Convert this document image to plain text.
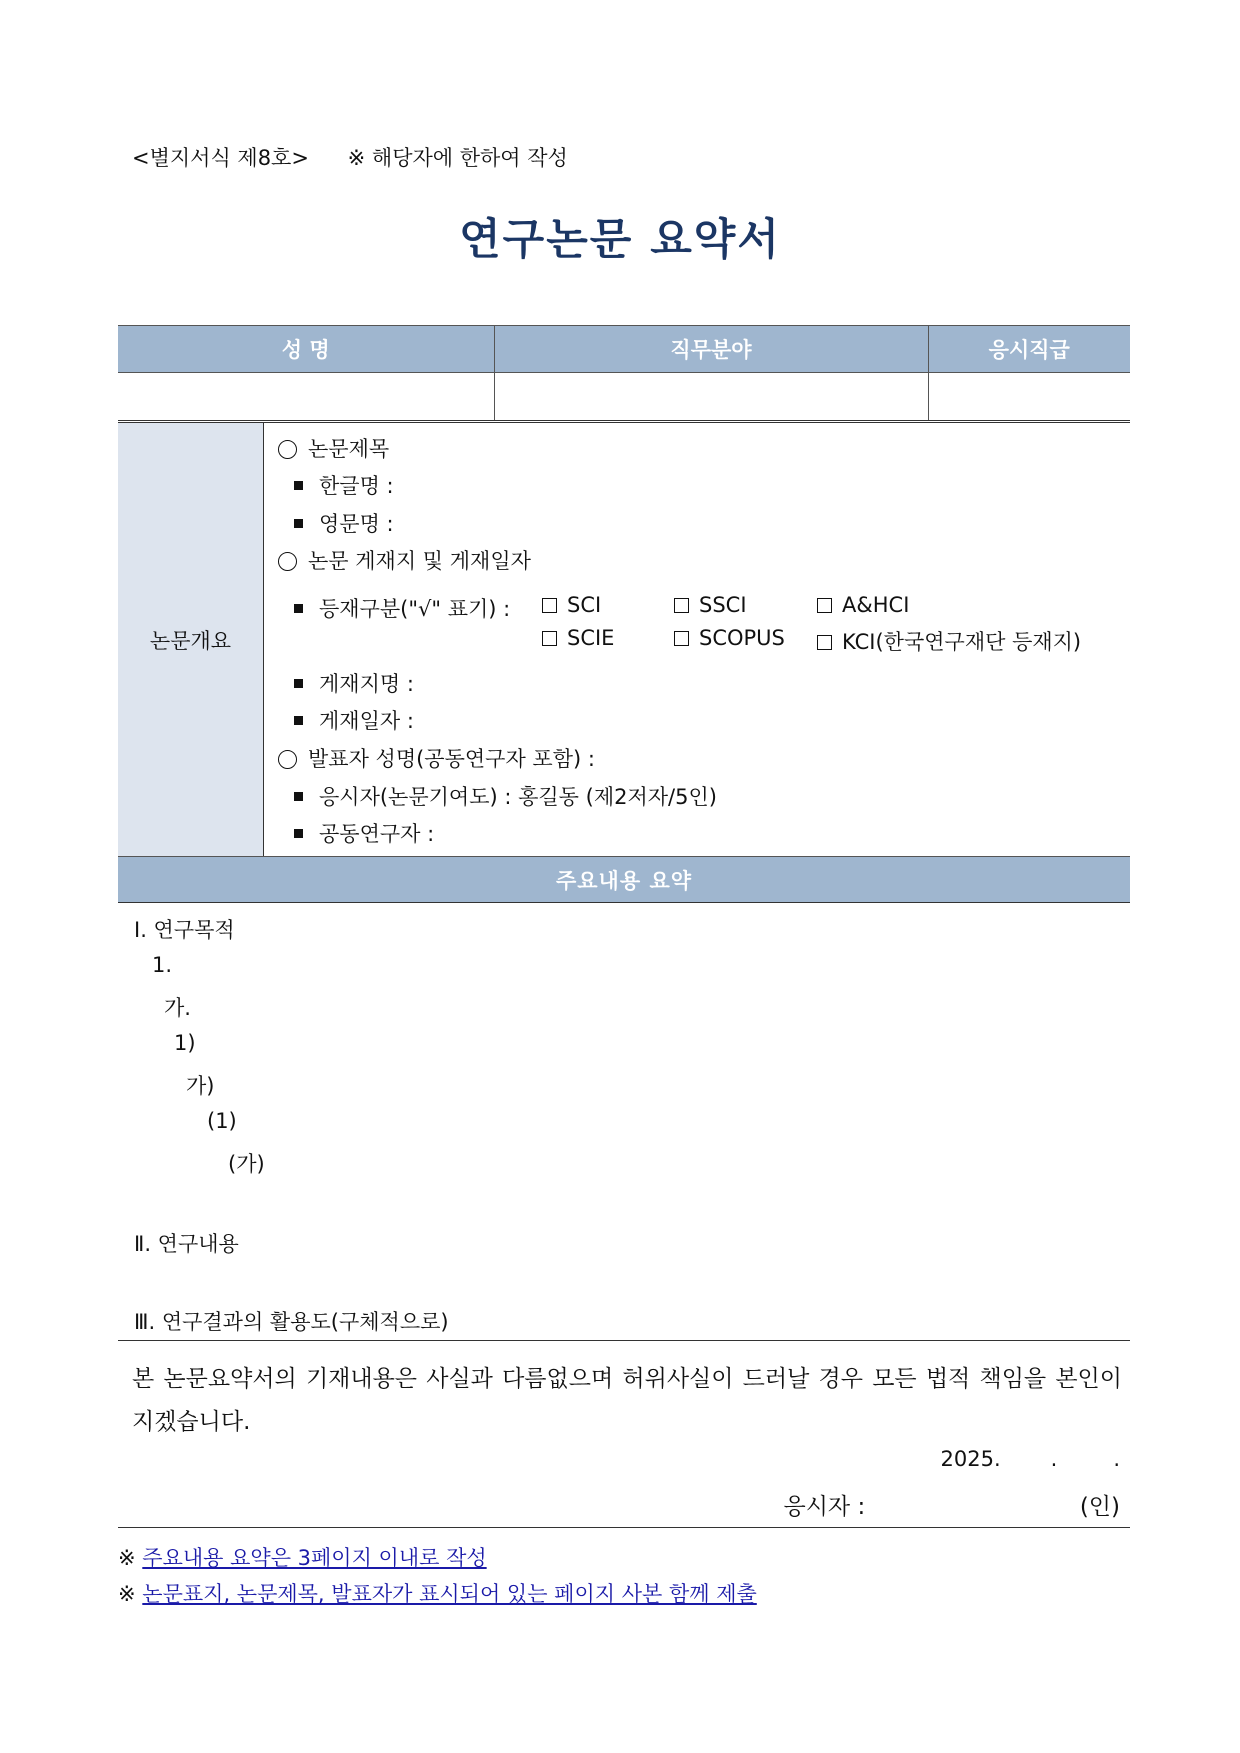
<별지서식 제8호> ※ 해당자에 한하여 작성
연구논문 요약서
성 명	직무분야	응시직급

논문개요
논문제목
한글명 :
영문명 :
논문 게재지 및 게재일자
등재구분("√" 표기) :	SCI	SSCI	A&HCI
SCIE	SCOPUS	KCI(한국연구재단 등재지)
게재지명 :
게재일자 :
발표자 성명(공동연구자 포함) :
응시자(논문기여도) : 홍길동 (제2저자/5인)
공동연구자 :
주요내용 요약
Ⅰ. 연구목적
1.
가.
1)
가)
(1)
(가)
Ⅱ. 연구내용
Ⅲ. 연구결과의 활용도(구체적으로)
본 논문요약서의 기재내용은 사실과 다름없으며 허위사실이 드러날 경우 모든 법적 책임을 본인이 지겠습니다.
2025. .	.
응시자 :	(인)
※ 주요내용 요약은 3페이지 이내로 작성
※ 논문표지, 논문제목, 발표자가 표시되어 있는 페이지 사본 함께 제출
